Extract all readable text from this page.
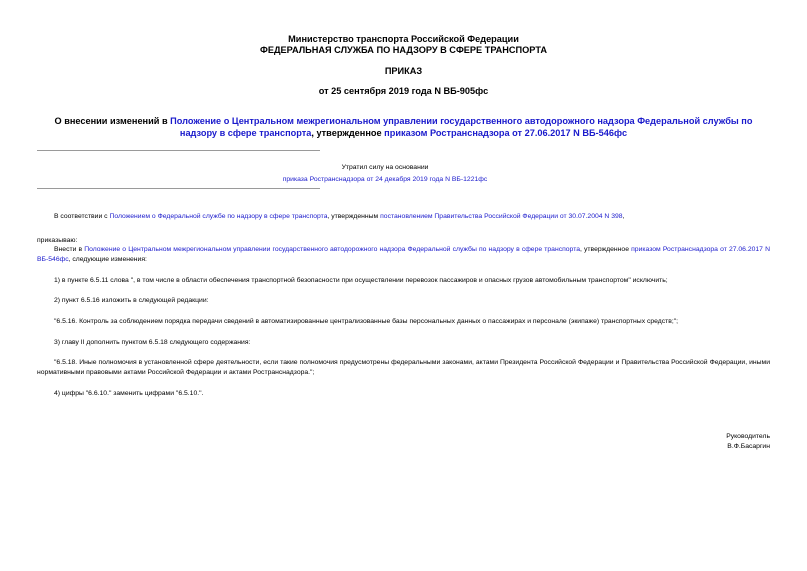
Министерство транспорта Российской Федерации
ФЕДЕРАЛЬНАЯ СЛУЖБА ПО НАДЗОРУ В СФЕРЕ ТРАНСПОРТА
ПРИКАЗ
от 25 сентября 2019 года N ВБ-905фс
О внесении изменений в Положение о Центральном межрегиональном управлении государственного автодорожного надзора Федеральной службы по надзору в сфере транспорта, утвержденное приказом Ространснадзора от 27.06.2017 N ВБ-546фс
Утратил силу на основании
приказа Ространснадзора от 24 декабря 2019 года N ВБ-1221фс
В соответствии с Положением о Федеральной службе по надзору в сфере транспорта, утвержденным постановлением Правительства Российской Федерации от 30.07.2004 N 398,
приказываю:
Внести в Положение о Центральном межрегиональном управлении государственного автодорожного надзора Федеральной службы по надзору в сфере транспорта, утвержденное приказом Ространснадзора от 27.06.2017 N ВБ-546фс, следующие изменения:
1) в пункте 6.5.11 слова ", в том числе в области обеспечения транспортной безопасности при осуществлении перевозок пассажиров и опасных грузов автомобильным транспортом" исключить;
2) пункт 6.5.16 изложить в следующей редакции:
"6.5.16. Контроль за соблюдением порядка передачи сведений в автоматизированные централизованные базы персональных данных о пассажирах и персонале (экипаже) транспортных средств;";
3) главу II дополнить пунктом 6.5.18 следующего содержания:
"6.5.18. Иные полномочия в установленной сфере деятельности, если такие полномочия предусмотрены федеральными законами, актами Президента Российской Федерации и Правительства Российской Федерации, иными нормативными правовыми актами Российской Федерации и актами Ространснадзора.";
4) цифры "6.6.10." заменить цифрами "6.5.10.".
Руководитель
В.Ф.Басаргин
